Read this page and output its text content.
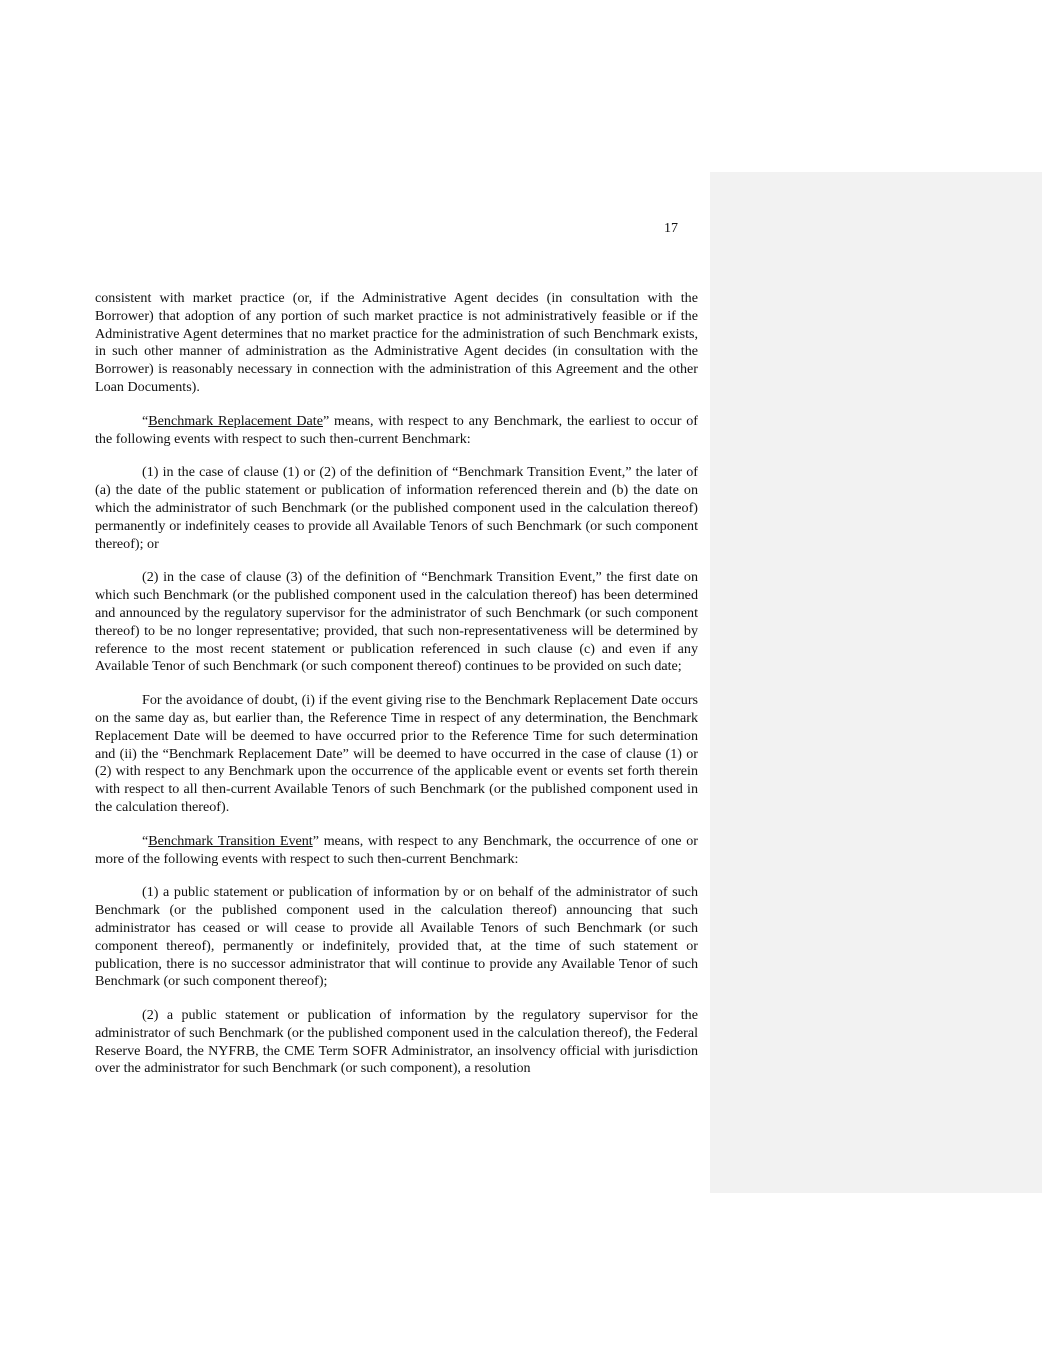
17

consistent with market practice (or, if the Administrative Agent decides (in consultation with the Borrower) that adoption of any portion of such market practice is not administratively feasible or if the Administrative Agent determines that no market practice for the administration of such Benchmark exists, in such other manner of administration as the Administrative Agent decides (in consultation with the Borrower) is reasonably necessary in connection with the administration of this Agreement and the other Loan Documents).

“Benchmark Replacement Date” means, with respect to any Benchmark, the earliest to occur of the following events with respect to such then-current Benchmark:

(1) in the case of clause (1) or (2) of the definition of “Benchmark Transition Event,” the later of (a) the date of the public statement or publication of information referenced therein and (b) the date on which the administrator of such Benchmark (or the published component used in the calculation thereof) permanently or indefinitely ceases to provide all Available Tenors of such Benchmark (or such component thereof); or

(2) in the case of clause (3) of the definition of “Benchmark Transition Event,” the first date on which such Benchmark (or the published component used in the calculation thereof) has been determined and announced by the regulatory supervisor for the administrator of such Benchmark (or such component thereof) to be no longer representative; provided, that such non-representativeness will be determined by reference to the most recent statement or publication referenced in such clause (c) and even if any Available Tenor of such Benchmark (or such component thereof) continues to be provided on such date;

For the avoidance of doubt, (i) if the event giving rise to the Benchmark Replacement Date occurs on the same day as, but earlier than, the Reference Time in respect of any determination, the Benchmark Replacement Date will be deemed to have occurred prior to the Reference Time for such determination and (ii) the “Benchmark Replacement Date” will be deemed to have occurred in the case of clause (1) or (2) with respect to any Benchmark upon the occurrence of the applicable event or events set forth therein with respect to all then-current Available Tenors of such Benchmark (or the published component used in the calculation thereof).

“Benchmark Transition Event” means, with respect to any Benchmark, the occurrence of one or more of the following events with respect to such then-current Benchmark:

(1) a public statement or publication of information by or on behalf of the administrator of such Benchmark (or the published component used in the calculation thereof) announcing that such administrator has ceased or will cease to provide all Available Tenors of such Benchmark (or such component thereof), permanently or indefinitely, provided that, at the time of such statement or publication, there is no successor administrator that will continue to provide any Available Tenor of such Benchmark (or such component thereof);

(2) a public statement or publication of information by the regulatory supervisor for the administrator of such Benchmark (or the published component used in the calculation thereof), the Federal Reserve Board, the NYFRB, the CME Term SOFR Administrator, an insolvency official with jurisdiction over the administrator for such Benchmark (or such component), a resolution
